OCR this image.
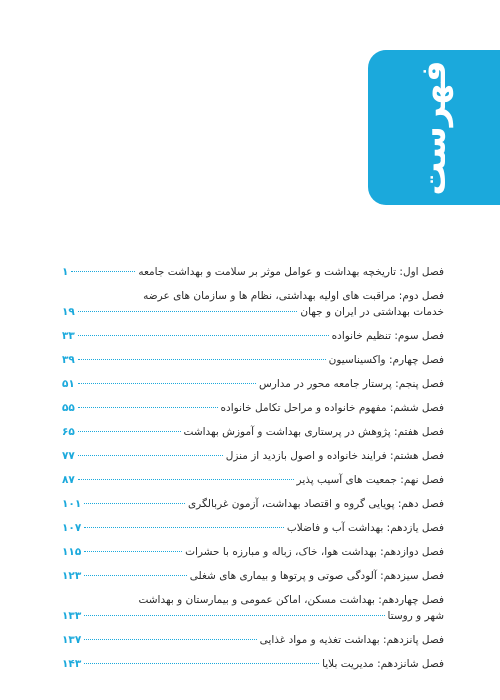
فهرست
فصل اول: تاریخچه بهداشت و عوامل موثر بر سلامت و بهداشت جامعه
۱
فصل دوم: مراقبت های اولیه بهداشتی، نظام ها و سازمان های عرضه
خدمات بهداشتی در ایران و جهان
۱۹
فصل سوم: تنظیم خانواده
۳۳
فصل چهارم: واکسیناسیون
۳۹
فصل پنجم: پرستار جامعه محور در مدارس
۵۱
فصل ششم: مفهوم خانواده و مراحل تکامل خانواده
۵۵
فصل هفتم: پژوهش در پرستاری بهداشت و آموزش بهداشت
۶۵
فصل هشتم: فرایند خانواده و اصول بازدید از منزل
۷۷
فصل نهم: جمعیت های آسیب پذیر
۸۷
فصل دهم: پویایی گروه و اقتصاد بهداشت، آزمون غربالگری
۱۰۱
فصل یازدهم: بهداشت آب و فاضلاب
۱۰۷
فصل دوازدهم: بهداشت هوا، خاک، زباله و مبارزه با حشرات
۱۱۵
فصل سیزدهم: آلودگی صوتی و پرتوها و بیماری های شغلی
۱۲۳
فصل چهاردهم: بهداشت مسکن، اماکن عمومی و بیمارستان و بهداشت
شهر و روستا
۱۳۳
فصل پانزدهم: بهداشت تغذیه و مواد غذایی
۱۳۷
فصل شانزدهم: مدیریت بلایا
۱۴۳
